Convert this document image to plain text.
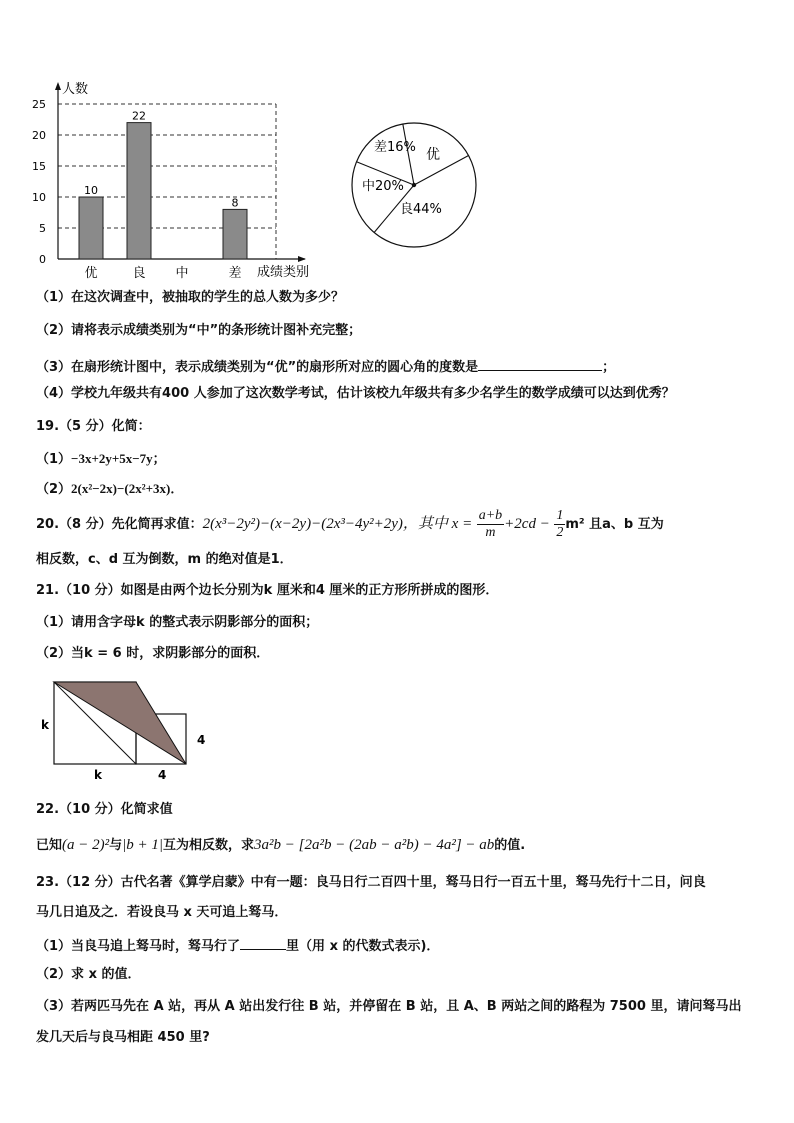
0
5
10
15
20
25
10
优
22
良 中
8
差
人数
成绩类别
差16% 优
良44%
中20%
（1）在这次调查中，被抽取的学生的总人数为多少？
（2）请将表示成绩类别为“中”的条形统计图补充完整；
（3）在扇形统计图中，表示成绩类别为“优”的扇形所对应的圆心角的度数是	；
（4）学校九年级共有400 人参加了这次数学考试，估计该校九年级共有多少名学生的数学成绩可以达到优秀？
19.（5 分）化简：
（1）−3x+2y+5x−7y；
（2）2(x²−2x)−(2x²+3x)．
20.（8 分）先化简再求值：2(x³−2y²)−(x−2y)−(2x³−4y²+2y)，其中 $x = \frac{a+b}{m} +2cd - \frac{1}{2} m^2$ 且a、b 互为
相反数，c、d 互为倒数，m 的绝对值是1．
21.（10 分）如图是由两个边长分别为k 厘米和4 厘米的正方形所拼成的图形．
（1）请用含字母k 的整式表示阴影部分的面积；
（2）当k = 6 时，求阴影部分的面积．
k
k
4
4
22.（10 分）化简求值
已知(a − 2)²与|b + 1|互为相反数，求3a²b − [2a²b − (2ab − a²b) − 4a²] − ab的值.
23.（12 分）古代名著《算学启蒙》中有一题：良马日行二百四十里，驽马日行一百五十里，驽马先行十二日，问良
马几日追及之．若设良马 x 天可追上驽马．
（1）当良马追上驽马时，驽马行了	里（用 x 的代数式表示)．
（2）求 x 的值．
（3）若两匹马先在 A 站，再从 A 站出发行往 B 站，并停留在 B 站，且 A、B 两站之间的路程为 7500 里，请问驽马出
发几天后与良马相距 450 里?
